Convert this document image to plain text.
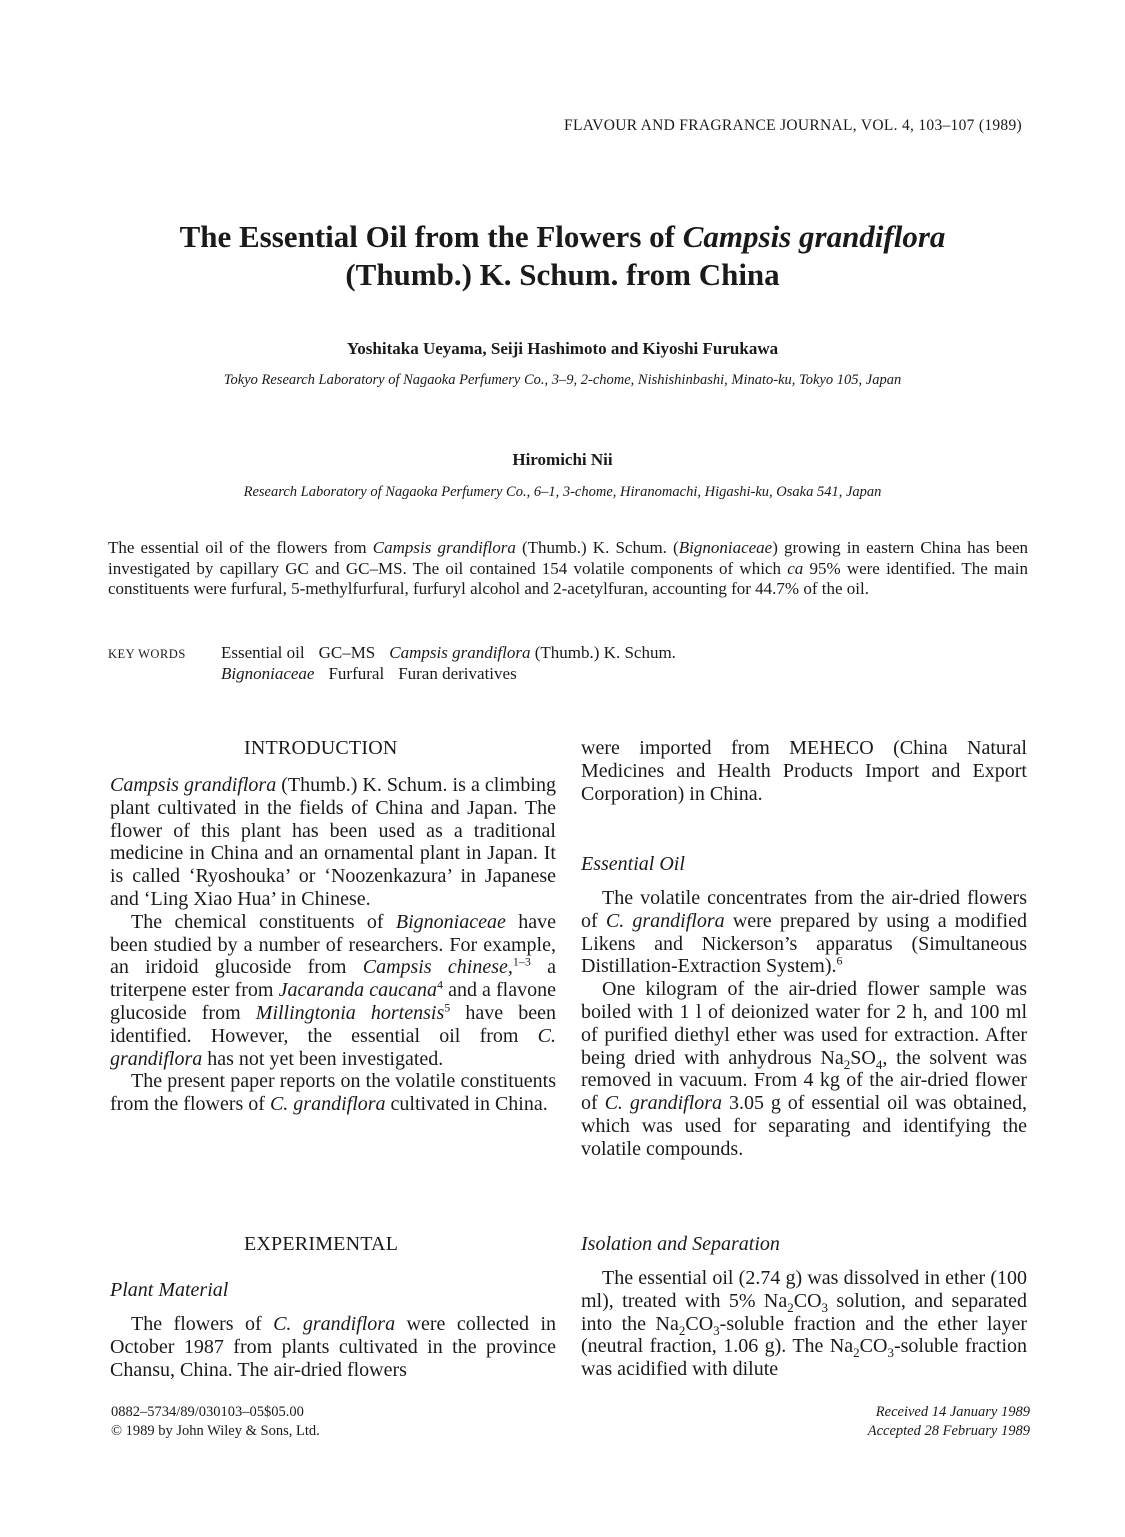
FLAVOUR AND FRAGRANCE JOURNAL, VOL. 4, 103–107 (1989)
The Essential Oil from the Flowers of Campsis grandiflora
(Thumb.) K. Schum. from China
Yoshitaka Ueyama, Seiji Hashimoto and Kiyoshi Furukawa
Tokyo Research Laboratory of Nagaoka Perfumery Co., 3–9, 2-chome, Nishishinbashi, Minato-ku, Tokyo 105, Japan
Hiromichi Nii
Research Laboratory of Nagaoka Perfumery Co., 6–1, 3-chome, Hiranomachi, Higashi-ku, Osaka 541, Japan
The essential oil of the flowers from Campsis grandiflora (Thumb.) K. Schum. (Bignoniaceae) growing in eastern China has been investigated by capillary GC and GC–MS. The oil contained 154 volatile components of which ca 95% were identified. The main constituents were furfural, 5-methylfurfural, furfuryl alcohol and 2-acetylfuran, accounting for 44.7% of the oil.
KEY WORDS Essential oil GC–MS Campsis grandiflora (Thumb.) K. Schum.
Bignoniaceae Furfural Furan derivatives
INTRODUCTION

Campsis grandiflora (Thumb.) K. Schum. is a climbing plant cultivated in the fields of China and Japan. The flower of this plant has been used as a traditional medicine in China and an ornamental plant in Japan. It is called ‘Ryoshouka’ or ‘Noozenkazura’ in Japanese and ‘Ling Xiao Hua’ in Chinese.

The chemical constituents of Bignoniaceae have been studied by a number of researchers. For example, an iridoid glucoside from Campsis chinese,$^{1-3}$ a triterpene ester from Jacaranda caucana$^4$ and a flavone glucoside from Millingtonia hortensis$^5$ have been identified. However, the essential oil from C. grandiflora has not yet been investigated.

The present paper reports on the volatile constituents from the flowers of C. grandiflora cultivated in China.

EXPERIMENTAL
Plant Material

The flowers of C. grandiflora were collected in October 1987 from plants cultivated in the province Chansu, China. The air-dried flowers

were imported from MEHECO (China Natural Medicines and Health Products Import and Export Corporation) in China.

Essential Oil

The volatile concentrates from the air-dried flowers of C. grandiflora were prepared by using a modified Likens and Nickerson’s apparatus (Simultaneous Distillation-Extraction System).$^6$

One kilogram of the air-dried flower sample was boiled with 1 l of deionized water for 2 h, and 100 ml of purified diethyl ether was used for extraction. After being dried with anhydrous $Na_2SO_4$, the solvent was removed in vacuum. From 4 kg of the air-dried flower of C. grandiflora 3.05 g of essential oil was obtained, which was used for separating and identifying the volatile compounds.

Isolation and Separation

The essential oil (2.74 g) was dissolved in ether (100 ml), treated with 5% $Na_2CO_3$ solution, and separated into the $Na_2CO_3$-soluble fraction and the ether layer (neutral fraction, 1.06 g). The $Na_2CO_3$-soluble fraction was acidified with dilute

0882–5734/89/030103–05$05.00
© 1989 by John Wiley & Sons, Ltd.
Received 14 January 1989
Accepted 28 February 1989
